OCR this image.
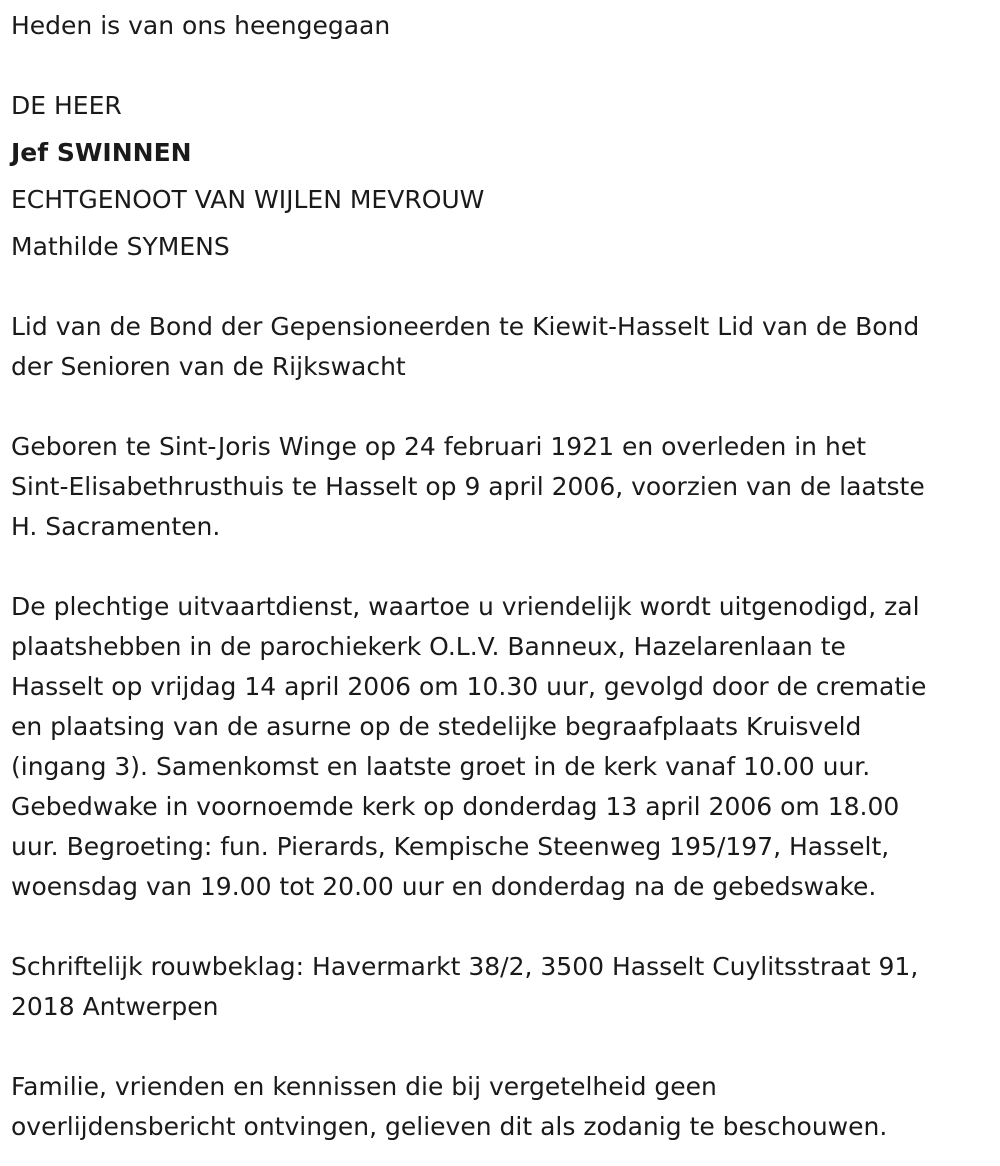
Heden is van ons heengegaan

DE HEER

Jef SWINNEN

ECHTGENOOT VAN WIJLEN MEVROUW

Mathilde SYMENS

Lid van de Bond der Gepensioneerden te Kiewit-Hasselt Lid van de Bond

der Senioren van de Rijkswacht

Geboren te Sint-Joris Winge op 24 februari 1921 en overleden in het

Sint-Elisabethrusthuis te Hasselt op 9 april 2006, voorzien van de laatste

H. Sacramenten.

De plechtige uitvaartdienst, waartoe u vriendelijk wordt uitgenodigd, zal

plaatshebben in de parochiekerk O.L.V. Banneux, Hazelarenlaan te

Hasselt op vrijdag 14 april 2006 om 10.30 uur, gevolgd door de crematie

en plaatsing van de asurne op de stedelijke begraafplaats Kruisveld

(ingang 3). Samenkomst en laatste groet in de kerk vanaf 10.00 uur.

Gebedwake in voornoemde kerk op donderdag 13 april 2006 om 18.00

uur. Begroeting: fun. Pierards, Kempische Steenweg 195/197, Hasselt,

woensdag van 19.00 tot 20.00 uur en donderdag na de gebedswake.

Schriftelijk rouwbeklag: Havermarkt 38/2, 3500 Hasselt Cuylitsstraat 91,

2018 Antwerpen

Familie, vrienden en kennissen die bij vergetelheid geen

overlijdensbericht ontvingen, gelieven dit als zodanig te beschouwen.
